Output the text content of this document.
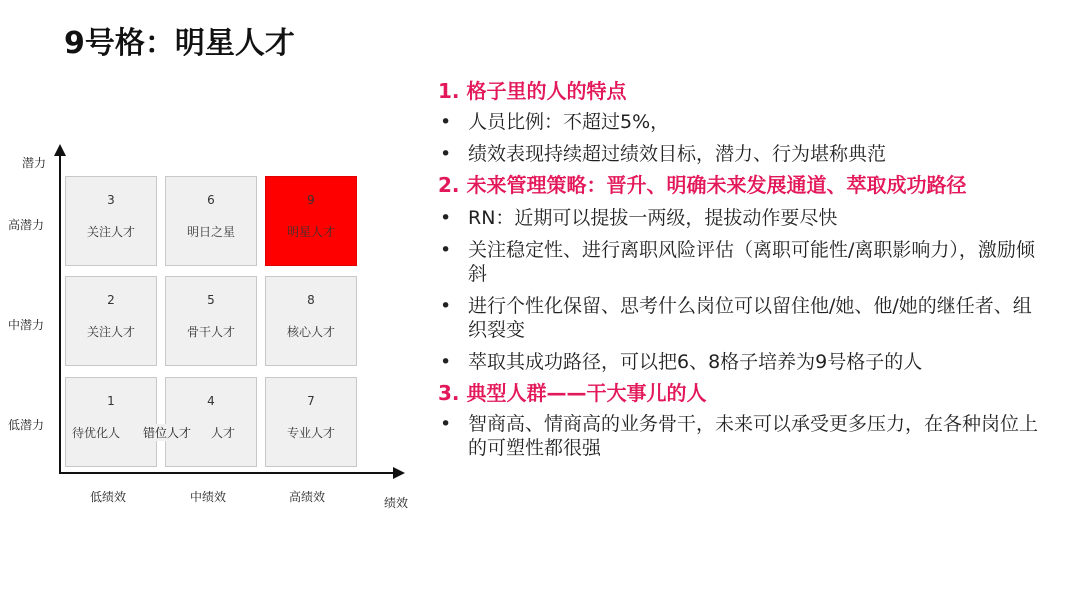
9号格：明星人才
潜力
绩效
高潜力
中潜力
低潜力
低绩效	中绩效	高绩效
3
关注人才
6
明日之星
9
明星人才
2
关注人才
5
骨干人才
8
核心人才
1
待优化人
4
人才
7
专业人才
错位人才
1. 格子里的人的特点
• 人员比例：不超过5%，
• 绩效表现持续超过绩效目标，潜力、行为堪称典范
2. 未来管理策略：晋升、明确未来发展通道、萃取成功路径
• RN：近期可以提拔一两级，提拔动作要尽快
• 关注稳定性、进行离职风险评估（离职可能性/离职影响力），激励倾斜
• 进行个性化保留、思考什么岗位可以留住他/她、他/她的继任者、组织裂变
• 萃取其成功路径，可以把6、8格子培养为9号格子的人
3. 典型人群——干大事儿的人
• 智商高、情商高的业务骨干，未来可以承受更多压力，在各种岗位上的可塑性都很强
